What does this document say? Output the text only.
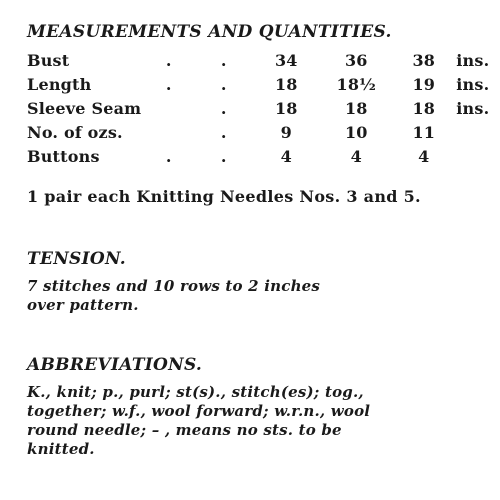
MEASUREMENTS AND QUANTITIES.
Bust	.	.	34	36	38	ins.
Length	.	.	18	18½	19	ins.
Sleeve Seam		.	18	18	18	ins.
No. of ozs.		.	9	10	11	
Buttons	.	.	4	4	4	
1 pair each Knitting Needles Nos. 3 and 5.
TENSION.
7 stitches and 10 rows to 2 inches
over pattern.
ABBREVIATIONS.
K., knit; p., purl; st(s)., stitch(es); tog.,
together; w.f., wool forward; w.r.n., wool
round needle; – , means no sts. to be
knitted.
